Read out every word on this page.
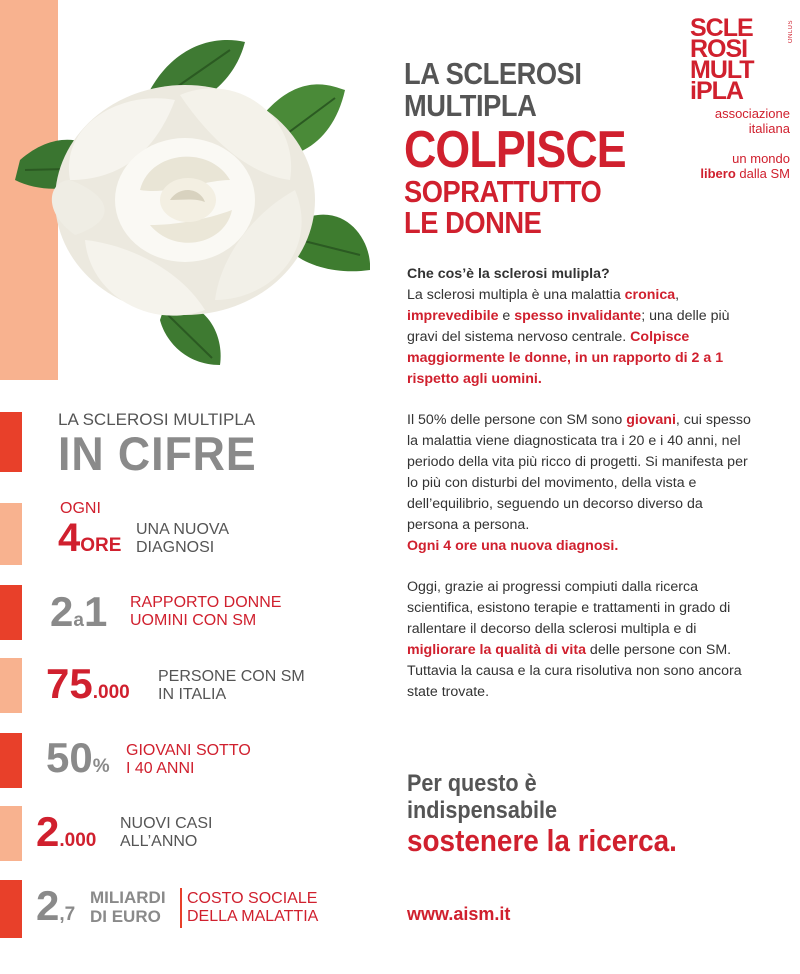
ONLUS
SCLE
ROSI
MULT
iPLA
associazione
italiana
un mondo
libero dalla SM
LA SCLEROSI
MULTIPLA
COLPISCE
SOPRATTUTTO
LE DONNE

Che cos’è la sclerosi mulipla?
La sclerosi multipla è una malattia cronica, imprevedibile e spesso invalidante; una delle più gravi del sistema nervoso centrale. Colpisce maggiormente le donne, in un rapporto di 2 a 1 rispetto agli uomini.

Il 50% delle persone con SM sono giovani, cui spesso la malattia viene diagnosticata tra i 20 e i 40 anni, nel periodo della vita più ricco di progetti. Si manifesta per lo più con disturbi del movimento, della vista e dell’equilibrio, seguendo un decorso diverso da persona a persona.
Ogni 4 ore una nuova diagnosi.

Oggi, grazie ai progressi compiuti dalla ricerca scientifica, esistono terapie e trattamenti in grado di rallentare il decorso della sclerosi multipla e di migliorare la qualità di vita delle persone con SM. Tuttavia la causa e la cura risolutiva non sono ancora state trovate.

Per questo è
indispensabile
sostenere la ricerca.
www.aism.it
LA SCLEROSI MULTIPLA
IN CIFRE
OGNI
4ORE
UNA NUOVA
DIAGNOSI
2a1 RAPPORTO DONNE
UOMINI CON SM
75.000
PERSONE CON SM
IN ITALIA
50%
GIOVANI SOTTO
I 40 ANNI
2.000
NUOVI CASI
ALL’ANNO
2,7
MILIARDI
DI EURO
COSTO SOCIALE
DELLA MALATTIA
